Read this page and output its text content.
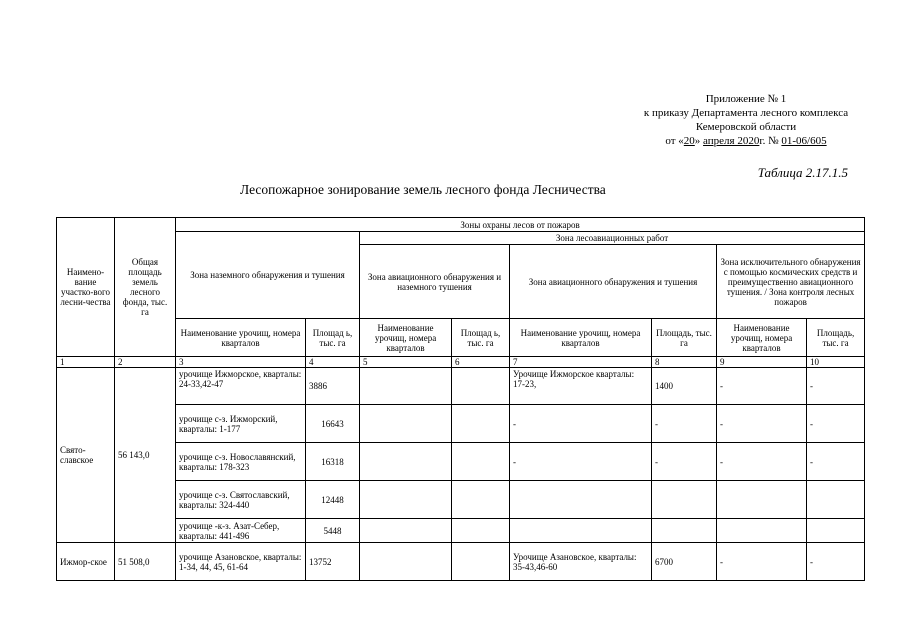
Приложение № 1
к приказу Департамента лесного комплекса
Кемеровской области
от «20» апреля 2020г. № 01-06/605
Таблица 2.17.1.5
Лесопожарное зонирование земель лесного фонда Лесничества
Наимено-вание участко-вого лесни-чества	Общая площадь земель лесного фонда, тыс. га	Зоны охраны лесов от пожаров							
		Зона наземного обнаружения и тушения		Зона лесоавиационных работ					
				Зона авиационного обнаружения и наземного тушения		Зона авиационного обнаружения и тушения		Зона исключительного обнаружения с помощью космических средств и преимущественно авиационного тушения. / Зона контроля лесных пожаров	
		Наименование урочищ, номера кварталов	Площад ь, тыс. га	Наименование урочищ, номера кварталов	Площад ь, тыс. га	Наименование урочищ, номера кварталов	Площадь, тыс. га	Наименование урочищ, номера кварталов	Площадь, тыс. га
1	2	3	4	5	6	7	8	9	10
Свято-славское	56 143,0	урочище Ижморское, кварталы: 24-33,42-47	3886			Урочище Ижморское кварталы: 17-23,	1400	-	-
		урочище с-з. Ижморский, кварталы: 1-177	16643			-	-	-	-
		урочище с-з. Новославянский, кварталы: 178-323	16318			-	-	-	-
		урочище с-з. Святославский, кварталы: 324-440	12448						
		урочище -к-з. Азат-Себер, кварталы: 441-496	5448						
Ижмор-ское	51 508,0	урочище Азановское, кварталы: 1-34, 44, 45, 61-64	13752			Урочище Азановское, кварталы: 35-43,46-60	6700	-	-
